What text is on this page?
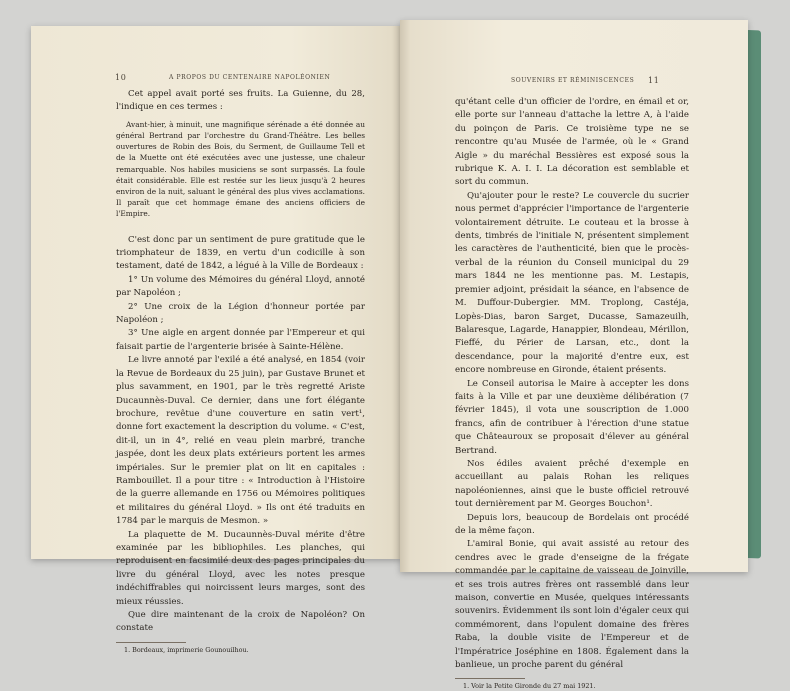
10	A PROPOS DU CENTENAIRE NAPOLÉONIEN

Cet appel avait porté ses fruits. La Guienne, du 28, l'indique en ces termes :

Avant-hier, à minuit, une magnifique sérénade a été donnée au général Bertrand par l'orchestre du Grand-Théâtre. Les belles ouvertures de Robin des Bois, du Serment, de Guillaume Tell et de la Muette ont été exécutées avec une justesse, une chaleur remarquable. Nos habiles musiciens se sont surpassés. La foule était considérable. Elle est restée sur les lieux jusqu'à 2 heures environ de la nuit, saluant le général des plus vives acclamations. Il paraît que cet hommage émane des anciens officiers de l'Empire.

C'est donc par un sentiment de pure gratitude que le triomphateur de 1839, en vertu d'un codicille à son testament, daté de 1842, a légué à la Ville de Bordeaux :

1° Un volume des Mémoires du général Lloyd, annoté par Napoléon ;

2° Une croix de la Légion d'honneur portée par Napoléon ;

3° Une aigle en argent donnée par l'Empereur et qui faisait partie de l'argenterie brisée à Sainte-Hélène.

Le livre annoté par l'exilé a été analysé, en 1854 (voir la Revue de Bordeaux du 25 juin), par Gustave Brunet et plus savamment, en 1901, par le très regretté Ariste Ducaunnès-Duval. Ce dernier, dans une fort élégante brochure, revêtue d'une couverture en satin vert¹, donne fort exactement la description du volume. « C'est, dit-il, un in 4°, relié en veau plein marbré, tranche jaspée, dont les deux plats extérieurs portent les armes impériales. Sur le premier plat on lit en capitales : Rambouillet. Il a pour titre : « Introduction à l'Histoire de la guerre allemande en 1756 ou Mémoires politiques et militaires du général Lloyd. » Ils ont été traduits en 1784 par le marquis de Mesmon. »

La plaquette de M. Ducaunnès-Duval mérite d'être examinée par les bibliophiles. Les planches, qui reproduisent en facsimilé deux des pages principales du livre du général Lloyd, avec les notes presque indéchiffrables qui noircissent leurs marges, sont des mieux réussies.

Que dire maintenant de la croix de Napoléon? On constate

1. Bordeaux, imprimerie Gounouilhou.

SOUVENIRS ET RÉMINISCENCES 11

qu'étant celle d'un officier de l'ordre, en émail et or, elle porte sur l'anneau d'attache la lettre A, à l'aide du poinçon de Paris. Ce troisième type ne se rencontre qu'au Musée de l'armée, où le « Grand Aigle » du maréchal Bessières est exposé sous la rubrique K. A. I. I. La décoration est semblable et sort du commun.

Qu'ajouter pour le reste? Le couvercle du sucrier nous permet d'apprécier l'importance de l'argenterie volontairement détruite. Le couteau et la brosse à dents, timbrés de l'initiale N, présentent simplement les caractères de l'authenticité, bien que le procès-verbal de la réunion du Conseil municipal du 29 mars 1844 ne les mentionne pas. M. Lestapis, premier adjoint, présidait la séance, en l'absence de M. Duffour-Dubergier. MM. Troplong, Castéja, Lopès-Dias, baron Sarget, Ducasse, Samazeuilh, Balaresque, Lagarde, Hanappier, Blondeau, Mérillon, Fieffé, du Périer de Larsan, etc., dont la descendance, pour la majorité d'entre eux, est encore nombreuse en Gironde, étaient présents.

Le Conseil autorisa le Maire à accepter les dons faits à la Ville et par une deuxième délibération (7 février 1845), il vota une souscription de 1.000 francs, afin de contribuer à l'érection d'une statue que Châteauroux se proposait d'élever au général Bertrand.

Nos édiles avaient prêché d'exemple en accueillant au palais Rohan les reliques napoléoniennes, ainsi que le buste officiel retrouvé tout dernièrement par M. Georges Bouchon¹.

Depuis lors, beaucoup de Bordelais ont procédé de la même façon.

L'amiral Bonie, qui avait assisté au retour des cendres avec le grade d'enseigne de la frégate commandée par le capitaine de vaisseau de Joinville, et ses trois autres frères ont rassemblé dans leur maison, convertie en Musée, quelques intéressants souvenirs. Évidemment ils sont loin d'égaler ceux qui commémorent, dans l'opulent domaine des frères Raba, la double visite de l'Empereur et de l'Impératrice Joséphine en 1808. Également dans la banlieue, un proche parent du général

1. Voir la Petite Gironde du 27 mai 1921.
